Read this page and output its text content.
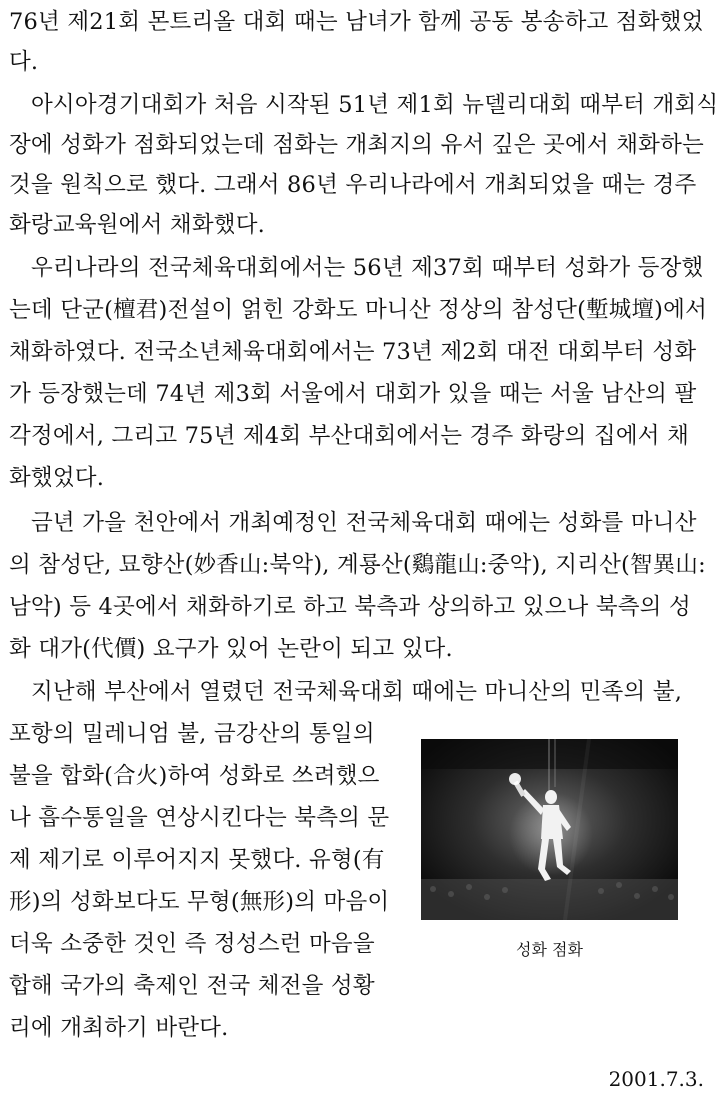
76년 제21회 몬트리올 대회 때는 남녀가 함께 공동 봉송하고 점화했었
다.
아시아경기대회가 처음 시작된 51년 제1회 뉴델리대회 때부터 개회식
장에 성화가 점화되었는데 점화는 개최지의 유서 깊은 곳에서 채화하는
것을 원칙으로 했다. 그래서 86년 우리나라에서 개최되었을 때는 경주
화랑교육원에서 채화했다.
우리나라의 전국체육대회에서는 56년 제37회 때부터 성화가 등장했
는데 단군(檀君)전설이 얽힌 강화도 마니산 정상의 참성단(塹城壇)에서
채화하였다. 전국소년체육대회에서는 73년 제2회 대전 대회부터 성화
가 등장했는데 74년 제3회 서울에서 대회가 있을 때는 서울 남산의 팔
각정에서, 그리고 75년 제4회 부산대회에서는 경주 화랑의 집에서 채
화했었다.
금년 가을 천안에서 개최예정인 전국체육대회 때에는 성화를 마니산
의 참성단, 묘향산(妙香山:북악), 계룡산(鷄龍山:중악), 지리산(智異山:
남악) 등 4곳에서 채화하기로 하고 북측과 상의하고 있으나 북측의 성
화 대가(代價) 요구가 있어 논란이 되고 있다.
지난해 부산에서 열렸던 전국체육대회 때에는 마니산의 민족의 불,
포항의 밀레니엄 불, 금강산의 통일의
불을 합화(合火)하여 성화로 쓰려했으
나 흡수통일을 연상시킨다는 북측의 문
제 제기로 이루어지지 못했다. 유형(有
形)의 성화보다도 무형(無形)의 마음이
더욱 소중한 것인 즉 정성스런 마음을
합해 국가의 축제인 전국 체전을 성황
리에 개최하기 바란다.
성화 점화
2001.7.3.
